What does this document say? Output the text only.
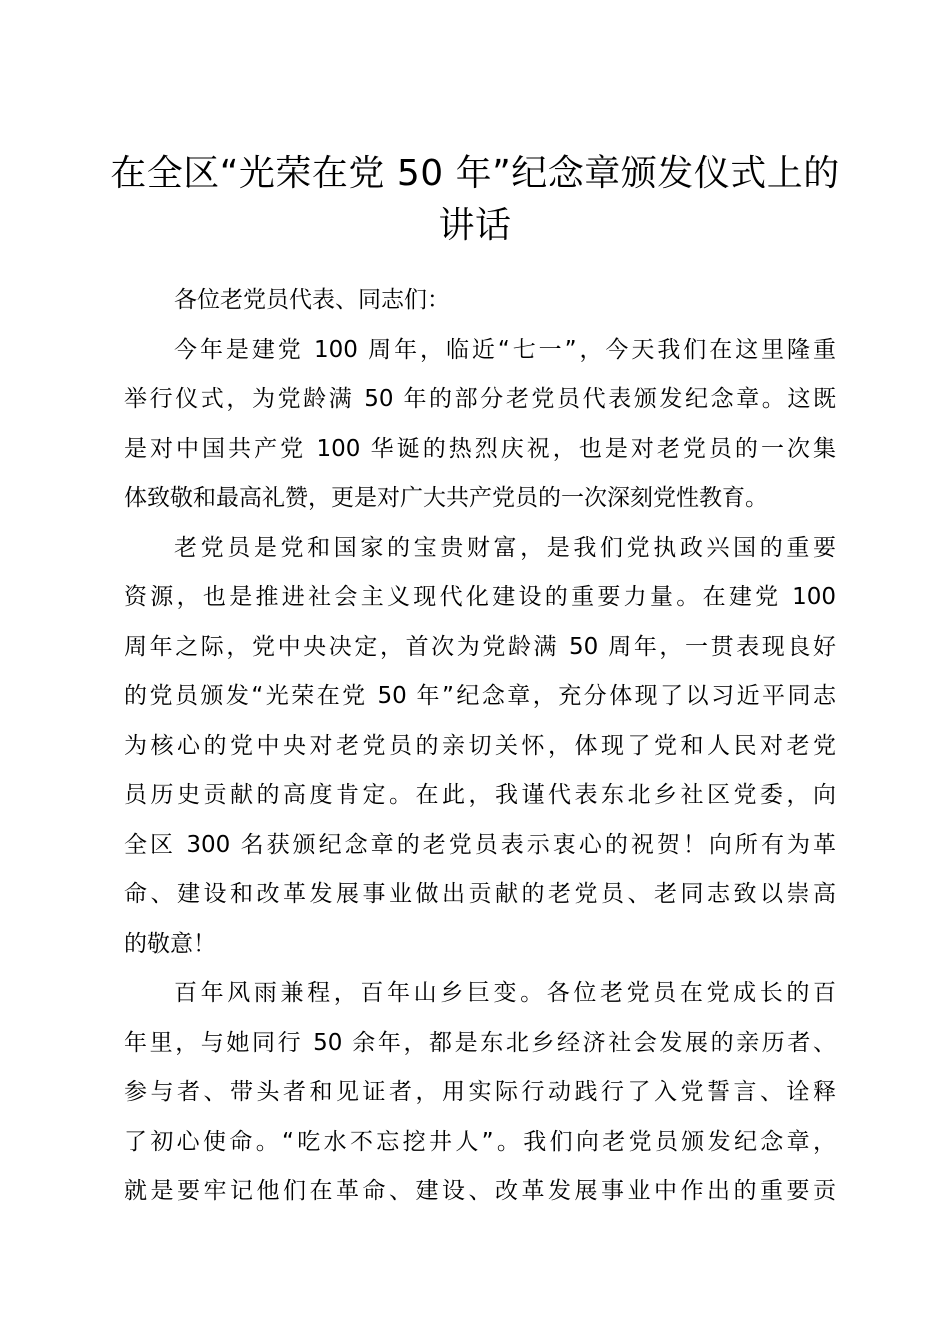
在全区“光荣在党 50 年”纪念章颁发仪式上的
讲话
各位老党员代表、同志们：
今年是建党 100 周年，临近“七一”，今天我们在这里隆重
举行仪式，为党龄满 50 年的部分老党员代表颁发纪念章。这既
是对中国共产党 100 华诞的热烈庆祝，也是对老党员的一次集
体致敬和最高礼赞，更是对广大共产党员的一次深刻党性教育。
老党员是党和国家的宝贵财富，是我们党执政兴国的重要
资源，也是推进社会主义现代化建设的重要力量。在建党 100
周年之际，党中央决定，首次为党龄满 50 周年，一贯表现良好
的党员颁发“光荣在党 50 年”纪念章，充分体现了以习近平同志
为核心的党中央对老党员的亲切关怀，体现了党和人民对老党
员历史贡献的高度肯定。在此，我谨代表东北乡社区党委，向
全区 300 名获颁纪念章的老党员表示衷心的祝贺！向所有为革
命、建设和改革发展事业做出贡献的老党员、老同志致以崇高
的敬意！
百年风雨兼程，百年山乡巨变。各位老党员在党成长的百
年里，与她同行 50 余年，都是东北乡经济社会发展的亲历者、
参与者、带头者和见证者，用实际行动践行了入党誓言、诠释
了初心使命。“吃水不忘挖井人”。我们向老党员颁发纪念章，
就是要牢记他们在革命、建设、改革发展事业中作出的重要贡
